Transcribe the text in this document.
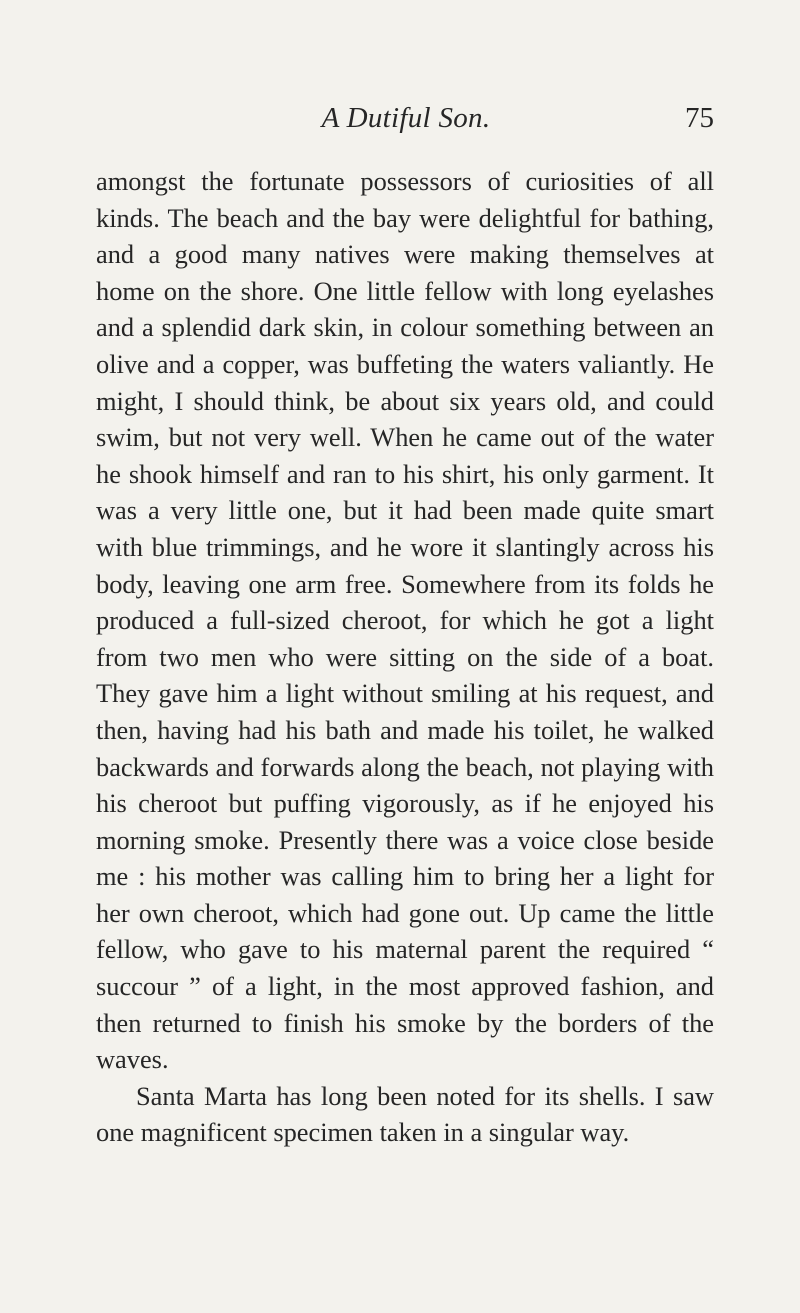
A Dutiful Son.	75

amongst the fortunate possessors of curiosities of all kinds. The beach and the bay were delightful for bathing, and a good many natives were making themselves at home on the shore. One little fellow with long eyelashes and a splendid dark skin, in colour something between an olive and a copper, was buffeting the waters valiantly. He might, I should think, be about six years old, and could swim, but not very well. When he came out of the water he shook himself and ran to his shirt, his only garment. It was a very little one, but it had been made quite smart with blue trimmings, and he wore it slantingly across his body, leaving one arm free. Somewhere from its folds he produced a full-sized cheroot, for which he got a light from two men who were sitting on the side of a boat. They gave him a light without smiling at his request, and then, having had his bath and made his toilet, he walked backwards and forwards along the beach, not playing with his cheroot but puffing vigorously, as if he enjoyed his morning smoke. Presently there was a voice close beside me : his mother was calling him to bring her a light for her own cheroot, which had gone out. Up came the little fellow, who gave to his maternal parent the required “ succour ” of a light, in the most approved fashion, and then returned to finish his smoke by the borders of the waves.

Santa Marta has long been noted for its shells. I saw one magnificent specimen taken in a singular way.
